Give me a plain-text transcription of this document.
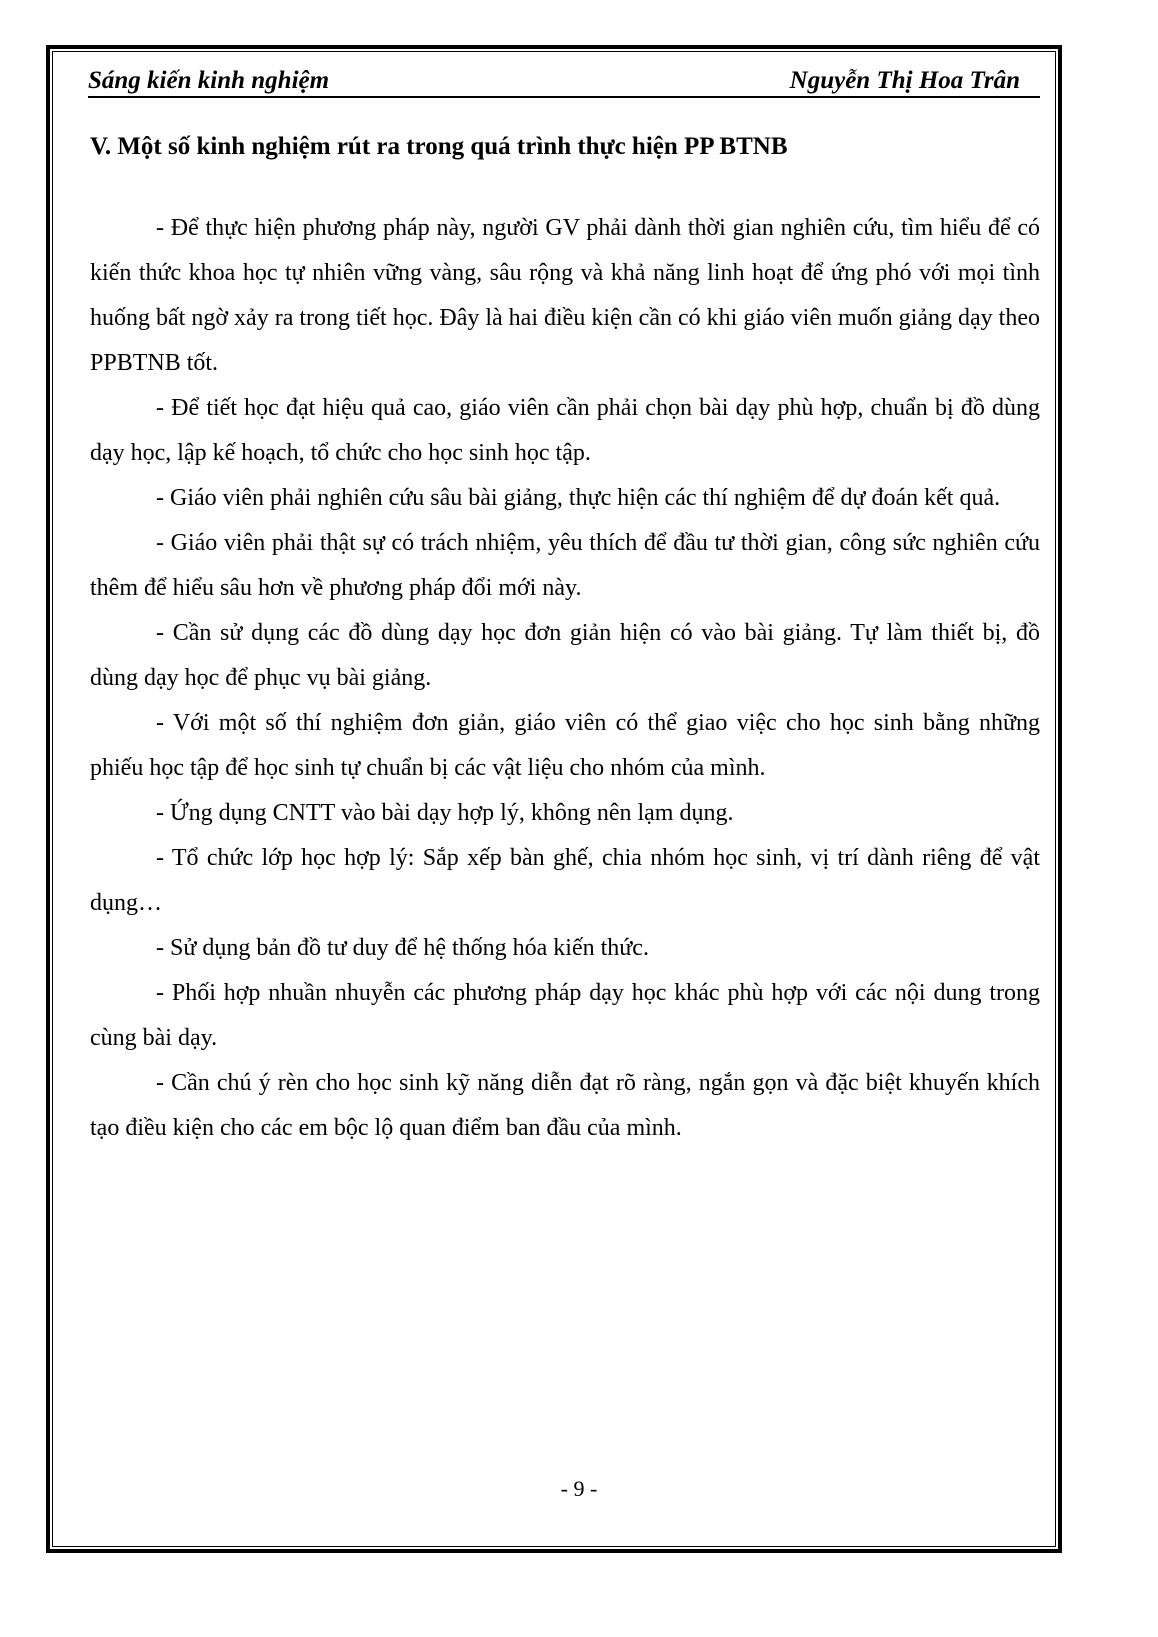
Sáng kiến kinh nghiệm	Nguyễn Thị Hoa Trân
V. Một số kinh nghiệm rút ra trong quá trình thực hiện PP BTNB

- Để thực hiện phương pháp này, người GV phải dành thời gian nghiên cứu, tìm hiểu để có kiến thức khoa học tự nhiên vững vàng, sâu rộng và khả năng linh hoạt để ứng phó với mọi tình huống bất ngờ xảy ra trong tiết học. Đây là hai điều kiện cần có khi giáo viên muốn giảng dạy theo PPBTNB tốt.

- Để tiết học đạt hiệu quả cao, giáo viên cần phải chọn bài dạy phù hợp, chuẩn bị đồ dùng dạy học, lập kế hoạch, tổ chức cho học sinh học tập.

- Giáo viên phải nghiên cứu sâu bài giảng, thực hiện các thí nghiệm để dự đoán kết quả.

- Giáo viên phải thật sự có trách nhiệm, yêu thích để đầu tư thời gian, công sức nghiên cứu thêm để hiểu sâu hơn về phương pháp đổi mới này.

- Cần sử dụng các đồ dùng dạy học đơn giản hiện có vào bài giảng. Tự làm thiết bị, đồ dùng dạy học để phục vụ bài giảng.

- Với một số thí nghiệm đơn giản, giáo viên có thể giao việc cho học sinh bằng những phiếu học tập để học sinh tự chuẩn bị các vật liệu cho nhóm của mình.

- Ứng dụng CNTT vào bài dạy hợp lý, không nên lạm dụng.

- Tổ chức lớp học hợp lý: Sắp xếp bàn ghế, chia nhóm học sinh, vị trí dành riêng để vật dụng…

- Sử dụng bản đồ tư duy để hệ thống hóa kiến thức.

- Phối hợp nhuần nhuyễn các phương pháp dạy học khác phù hợp với các nội dung trong cùng bài dạy.

- Cần chú ý rèn cho học sinh kỹ năng diễn đạt rõ ràng, ngắn gọn và đặc biệt khuyến khích tạo điều kiện cho các em bộc lộ quan điểm ban đầu của mình.

- 9 -
